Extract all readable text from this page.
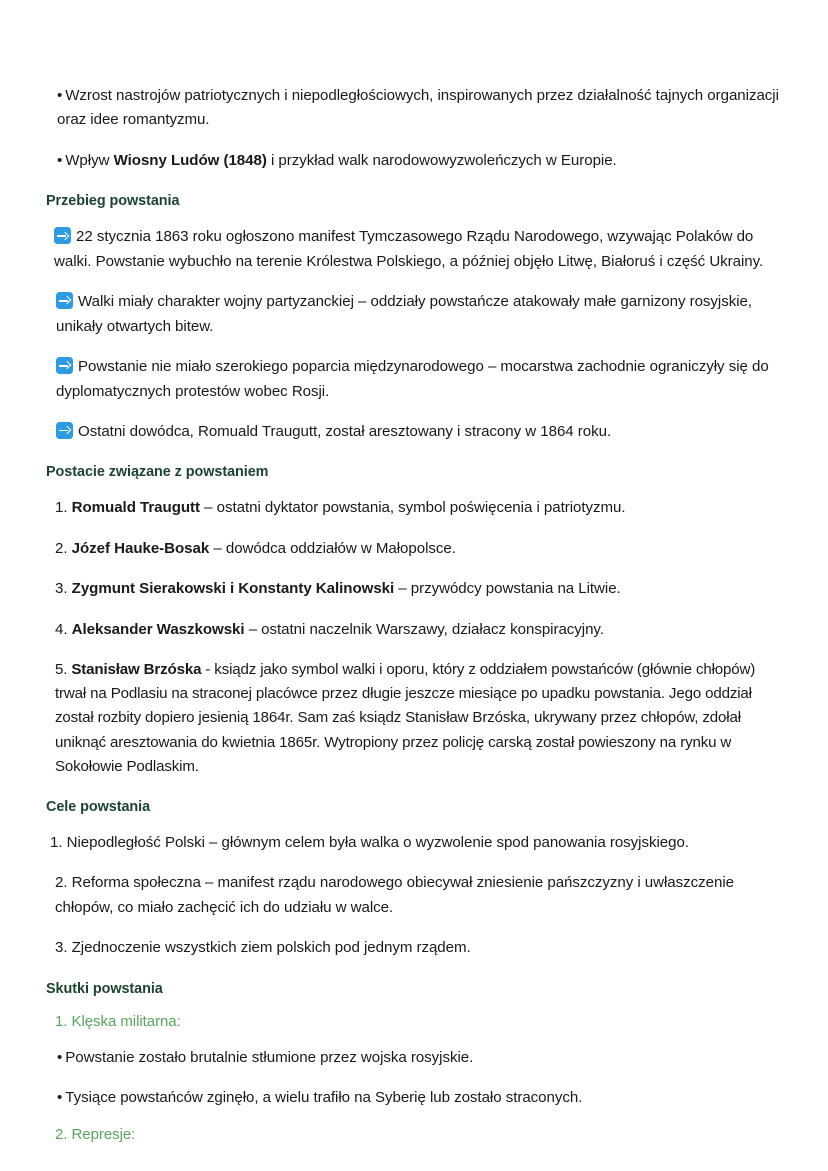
• Wzrost nastrojów patriotycznych i niepodległościowych, inspirowanych przez działalność tajnych organizacji oraz idee romantyzmu.

• Wpływ Wiosny Ludów (1848) i przykład walk narodowowyzwoleńczych w Europie.

Przebieg powstania

22 stycznia 1863 roku ogłoszono manifest Tymczasowego Rządu Narodowego, wzywając Polaków do walki. Powstanie wybuchło na terenie Królestwa Polskiego, a później objęło Litwę, Białoruś i część Ukrainy.

Walki miały charakter wojny partyzanckiej – oddziały powstańcze atakowały małe garnizony rosyjskie, unikały otwartych bitew.

Powstanie nie miało szerokiego poparcia międzynarodowego – mocarstwa zachodnie ograniczyły się do dyplomatycznych protestów wobec Rosji.

Ostatni dowódca, Romuald Traugutt, został aresztowany i stracony w 1864 roku.

Postacie związane z powstaniem

1. Romuald Traugutt – ostatni dyktator powstania, symbol poświęcenia i patriotyzmu.

2. Józef Hauke-Bosak – dowódca oddziałów w Małopolsce.

3. Zygmunt Sierakowski i Konstanty Kalinowski – przywódcy powstania na Litwie.

4. Aleksander Waszkowski – ostatni naczelnik Warszawy, działacz konspiracyjny.

5. Stanisław Brzóska - ksiądz jako symbol walki i oporu, który z oddziałem powstańców (głównie chłopów) trwał na Podlasiu na straconej placówce przez długie jeszcze miesiące po upadku powstania. Jego oddział został rozbity dopiero jesienią 1864r. Sam zaś ksiądz Stanisław Brzóska, ukrywany przez chłopów, zdołał uniknąć aresztowania do kwietnia 1865r. Wytropiony przez policję carską został powieszony na rynku w Sokołowie Podlaskim.

Cele powstania

1. Niepodległość Polski – głównym celem była walka o wyzwolenie spod panowania rosyjskiego.

2. Reforma społeczna – manifest rządu narodowego obiecywał zniesienie pańszczyzny i uwłaszczenie chłopów, co miało zachęcić ich do udziału w walce.

3. Zjednoczenie wszystkich ziem polskich pod jednym rządem.

Skutki powstania

1. Klęska militarna:

• Powstanie zostało brutalnie stłumione przez wojska rosyjskie.

• Tysiące powstańców zginęło, a wielu trafiło na Syberię lub zostało straconych.

2. Represje:
